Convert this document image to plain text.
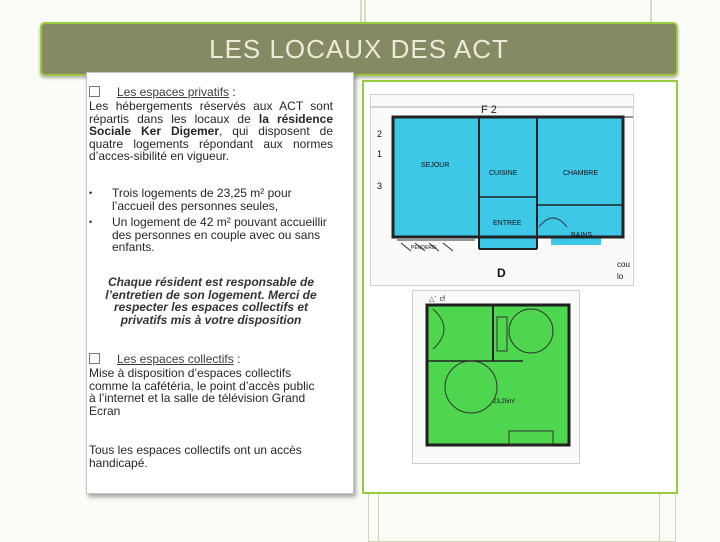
LES LOCAUX DES ACT
Les espaces privatifs :
Les hébergements réservés aux ACT sont répartis dans les locaux de la résidence Sociale Ker Digemer, qui disposent de quatre logements répondant aux normes d’acces-sibilité en vigueur.
• Trois logements de 23,25 m² pour l’accueil des personnes seules,
• Un logement de 42 m² pouvant accueillir des personnes en couple avec ou sans enfants.
Chaque résident est responsable de l’entretien de son logement. Merci de respecter les espaces collectifs et privatifs mis à votre disposition
Les espaces collectifs :
Mise à disposition d’espaces collectifs comme la cafétéria, le point d’accès public à l’internet et la salle de télévision Grand Ecran
Tous les espaces collectifs ont un accès handicapé.
F 2
SEJOUR
CUISINE	CHAMBRE
ENTREE
BAINS
PENDERIE
D
2
1
3
cou
lo
△’  cf
23,25m²
